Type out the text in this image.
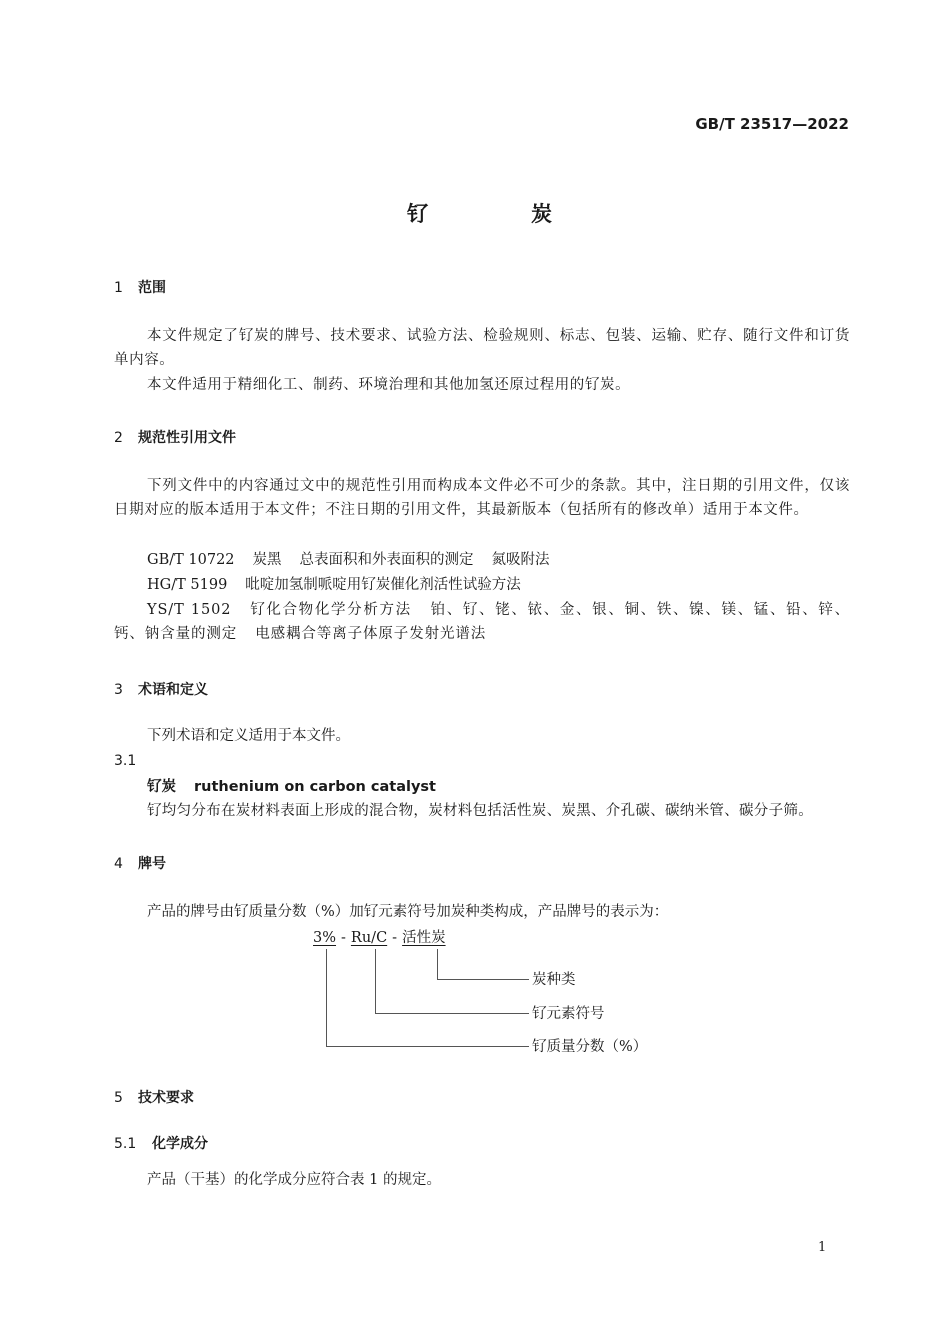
GB/T 23517—2022
钌	炭
1 范围
本文件规定了钌炭的牌号、技术要求、试验方法、检验规则、标志、包装、运输、贮存、随行文件和订货单内容。
本文件适用于精细化工、制药、环境治理和其他加氢还原过程用的钌炭。
2 规范性引用文件
下列文件中的内容通过文中的规范性引用而构成本文件必不可少的条款。其中，注日期的引用文件，仅该日期对应的版本适用于本文件；不注日期的引用文件，其最新版本（包括所有的修改单）适用于本文件。
GB/T 10722 炭黑 总表面积和外表面积的测定 氮吸附法
HG/T 5199 吡啶加氢制哌啶用钌炭催化剂活性试验方法
YS/T 1502 钌化合物化学分析方法 铂、钌、铑、铱、金、银、铜、铁、镍、镁、锰、铅、锌、钙、钠含量的测定 电感耦合等离子体原子发射光谱法
3 术语和定义
下列术语和定义适用于本文件。
3.1
钌炭 ruthenium on carbon catalyst
钌均匀分布在炭材料表面上形成的混合物，炭材料包括活性炭、炭黑、介孔碳、碳纳米管、碳分子筛。
4 牌号
产品的牌号由钌质量分数（%）加钌元素符号加炭种类构成，产品牌号的表示为：
3% - Ru/C - 活性炭
炭种类
钌元素符号
钌质量分数（%）
5 技术要求
5.1 化学成分
产品（干基）的化学成分应符合表 1 的规定。
1
